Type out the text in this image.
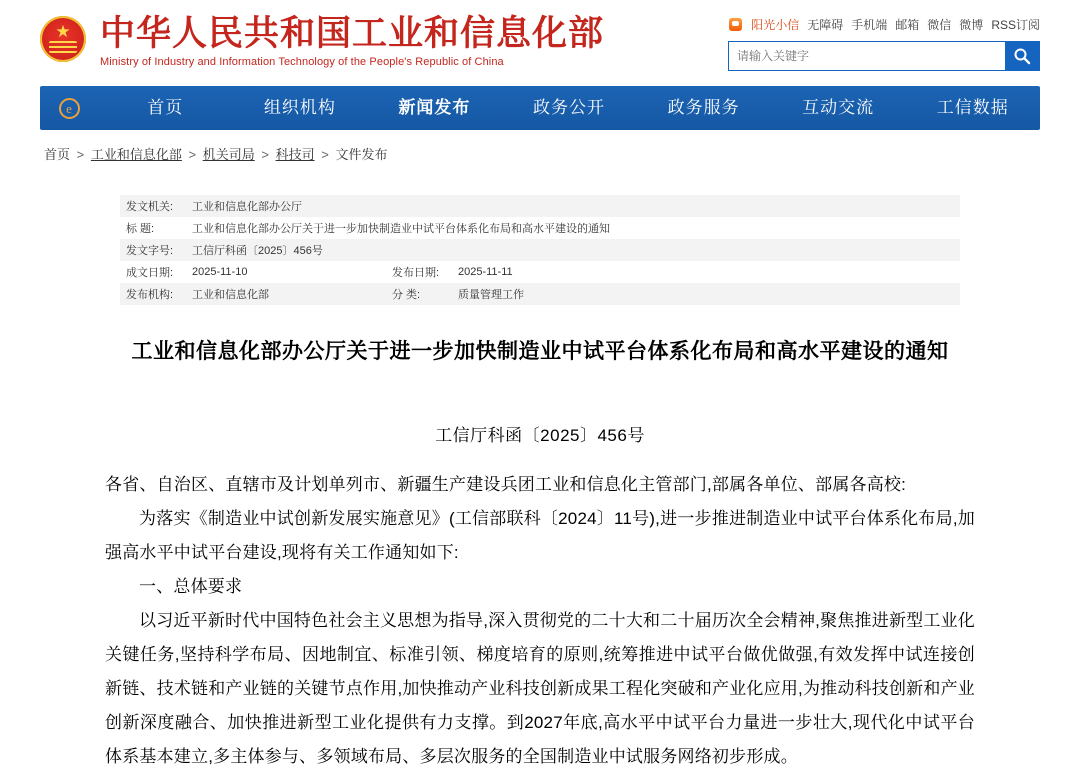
★
中华人民共和国工业和信息化部
Ministry of Industry and Information Technology of the People's Republic of China
阳光小信 无障碍 手机端 邮箱 微信 微博 RSS订阅
请输入关键字
e	首页	组织机构	新闻发布	政务公开	政务服务	互动交流	工信数据
首页 > 工业和信息化部 > 机关司局 > 科技司 > 文件发布
发文机关:	工业和信息化部办公厅		
标 题:	工业和信息化部办公厅关于进一步加快制造业中试平台体系化布局和高水平建设的通知		
发文字号:	工信厅科函〔2025〕456号		
成文日期:	2025-11-10	发布日期:	2025-11-11
发布机构:	工业和信息化部	分 类:	质量管理工作
工业和信息化部办公厅关于进一步加快制造业中试平台体系化布局和高水平建设的通知
工信厅科函〔2025〕456号
各省、自治区、直辖市及计划单列市、新疆生产建设兵团工业和信息化主管部门,部属各单位、部属各高校:
为落实《制造业中试创新发展实施意见》(工信部联科〔2024〕11号),进一步推进制造业中试平台体系化布局,加强高水平中试平台建设,现将有关工作通知如下:
一、总体要求
以习近平新时代中国特色社会主义思想为指导,深入贯彻党的二十大和二十届历次全会精神,聚焦推进新型工业化关键任务,坚持科学布局、因地制宜、标准引领、梯度培育的原则,统筹推进中试平台做优做强,有效发挥中试连接创新链、技术链和产业链的关键节点作用,加快推动产业科技创新成果工程化突破和产业化应用,为推动科技创新和产业创新深度融合、加快推进新型工业化提供有力支撑。到2027年底,高水平中试平台力量进一步壮大,现代化中试平台体系基本建立,多主体参与、多领域布局、多层次服务的全国制造业中试服务网络初步形成。
